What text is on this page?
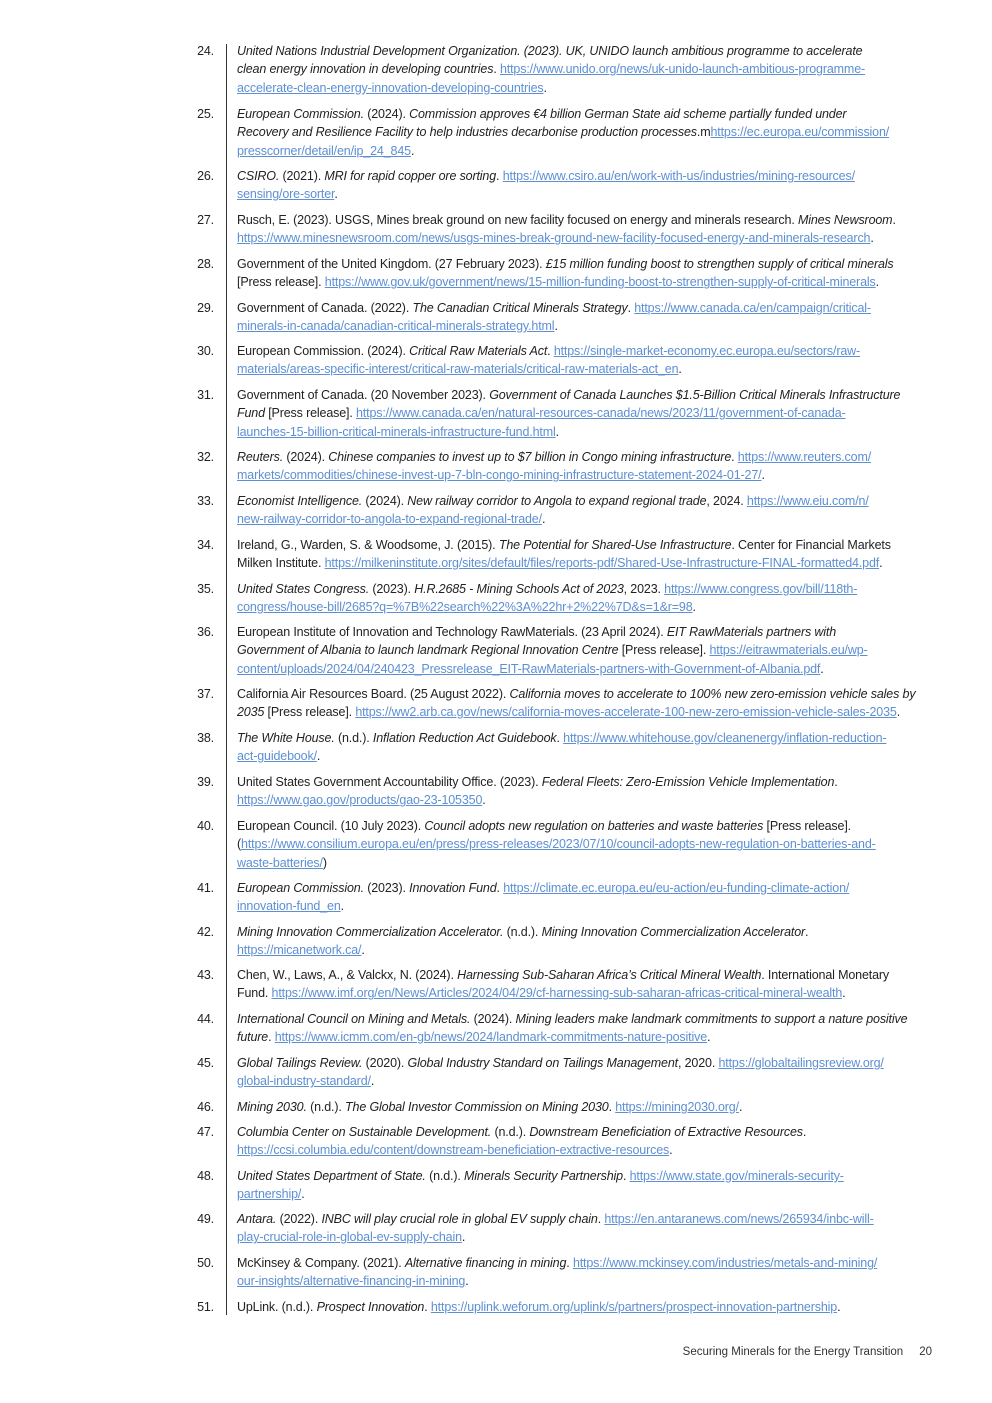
24. United Nations Industrial Development Organization. (2023). UK, UNIDO launch ambitious programme to accelerate
clean energy innovation in developing countries. https://www.unido.org/news/uk-unido-launch-ambitious-programme-
accelerate-clean-energy-innovation-developing-countries.
25. European Commission. (2024). Commission approves €4 billion German State aid scheme partially funded under
Recovery and Resilience Facility to help industries decarbonise production processes.mhttps://ec.europa.eu/commission/
presscorner/detail/en/ip_24_845.
26. CSIRO. (2021). MRI for rapid copper ore sorting. https://www.csiro.au/en/work-with-us/industries/mining-resources/
sensing/ore-sorter.
27. Rusch, E. (2023). USGS, Mines break ground on new facility focused on energy and minerals research. Mines Newsroom.
https://www.minesnewsroom.com/news/usgs-mines-break-ground-new-facility-focused-energy-and-minerals-research.
28. Government of the United Kingdom. (27 February 2023). £15 million funding boost to strengthen supply of critical minerals
[Press release]. https://www.gov.uk/government/news/15-million-funding-boost-to-strengthen-supply-of-critical-minerals.
29. Government of Canada. (2022). The Canadian Critical Minerals Strategy. https://www.canada.ca/en/campaign/critical-
minerals-in-canada/canadian-critical-minerals-strategy.html.
30. European Commission. (2024). Critical Raw Materials Act. https://single-market-economy.ec.europa.eu/sectors/raw-
materials/areas-specific-interest/critical-raw-materials/critical-raw-materials-act_en.
31. Government of Canada. (20 November 2023). Government of Canada Launches $1.5-Billion Critical Minerals Infrastructure
Fund [Press release]. https://www.canada.ca/en/natural-resources-canada/news/2023/11/government-of-canada-
launches-15-billion-critical-minerals-infrastructure-fund.html.
32. Reuters. (2024). Chinese companies to invest up to $7 billion in Congo mining infrastructure. https://www.reuters.com/
markets/commodities/chinese-invest-up-7-bln-congo-mining-infrastructure-statement-2024-01-27/.
33. Economist Intelligence. (2024). New railway corridor to Angola to expand regional trade, 2024. https://www.eiu.com/n/
new-railway-corridor-to-angola-to-expand-regional-trade/.
34. Ireland, G., Warden, S. & Woodsome, J. (2015). The Potential for Shared-Use Infrastructure. Center for Financial Markets
Milken Institute. https://milkeninstitute.org/sites/default/files/reports-pdf/Shared-Use-Infrastructure-FINAL-formatted4.pdf.
35. United States Congress. (2023). H.R.2685 - Mining Schools Act of 2023, 2023. https://www.congress.gov/bill/118th-
congress/house-bill/2685?q=%7B%22search%22%3A%22hr+2%22%7D&s=1&r=98.
36. European Institute of Innovation and Technology RawMaterials. (23 April 2024). EIT RawMaterials partners with
Government of Albania to launch landmark Regional Innovation Centre [Press release]. https://eitrawmaterials.eu/wp-
content/uploads/2024/04/240423_Pressrelease_EIT-RawMaterials-partners-with-Government-of-Albania.pdf.
37. California Air Resources Board. (25 August 2022). California moves to accelerate to 100% new zero-emission vehicle sales by
2035 [Press release]. https://ww2.arb.ca.gov/news/california-moves-accelerate-100-new-zero-emission-vehicle-sales-2035.
38. The White House. (n.d.). Inflation Reduction Act Guidebook. https://www.whitehouse.gov/cleanenergy/inflation-reduction-
act-guidebook/.
39. United States Government Accountability Office. (2023). Federal Fleets: Zero-Emission Vehicle Implementation.
https://www.gao.gov/products/gao-23-105350.
40. European Council. (10 July 2023). Council adopts new regulation on batteries and waste batteries [Press release].
(https://www.consilium.europa.eu/en/press/press-releases/2023/07/10/council-adopts-new-regulation-on-batteries-and-
waste-batteries/)
41. European Commission. (2023). Innovation Fund. https://climate.ec.europa.eu/eu-action/eu-funding-climate-action/
innovation-fund_en.
42. Mining Innovation Commercialization Accelerator. (n.d.). Mining Innovation Commercialization Accelerator.
https://micanetwork.ca/.
43. Chen, W., Laws, A., & Valckx, N. (2024). Harnessing Sub-Saharan Africa’s Critical Mineral Wealth. International Monetary
Fund. https://www.imf.org/en/News/Articles/2024/04/29/cf-harnessing-sub-saharan-africas-critical-mineral-wealth.
44. International Council on Mining and Metals. (2024). Mining leaders make landmark commitments to support a nature positive
future. https://www.icmm.com/en-gb/news/2024/landmark-commitments-nature-positive.
45. Global Tailings Review. (2020). Global Industry Standard on Tailings Management, 2020. https://globaltailingsreview.org/
global-industry-standard/.
46. Mining 2030. (n.d.). The Global Investor Commission on Mining 2030. https://mining2030.org/.
47. Columbia Center on Sustainable Development. (n.d.). Downstream Beneficiation of Extractive Resources.
https://ccsi.columbia.edu/content/downstream-beneficiation-extractive-resources.
48. United States Department of State. (n.d.). Minerals Security Partnership. https://www.state.gov/minerals-security-
partnership/.
49. Antara. (2022). INBC will play crucial role in global EV supply chain. https://en.antaranews.com/news/265934/inbc-will-
play-crucial-role-in-global-ev-supply-chain.
50. McKinsey & Company. (2021). Alternative financing in mining. https://www.mckinsey.com/industries/metals-and-mining/
our-insights/alternative-financing-in-mining.
51. UpLink. (n.d.). Prospect Innovation. https://uplink.weforum.org/uplink/s/partners/prospect-innovation-partnership.
Securing Minerals for the Energy Transition 20
